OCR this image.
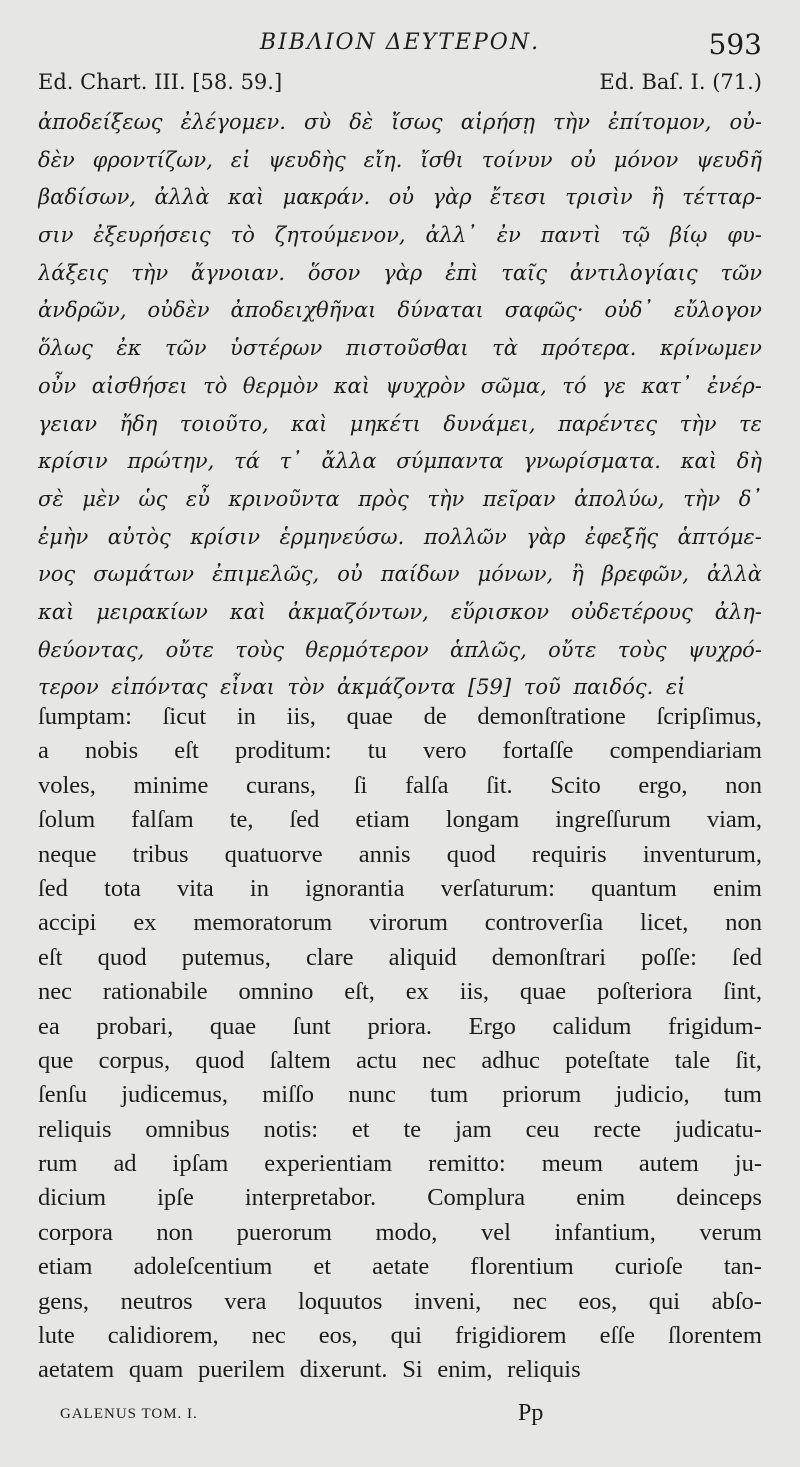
ΒΙΒΛΙΟΝ ΔΕΥΤΕΡΟΝ.	593
Ed. Chart. III. [58. 59.]	Ed. Baſ. I. (71.)
ἀποδείξεως ἐλέγομεν. σὺ δὲ ἴσως αἱρήσῃ τὴν ἐπίτομον, οὐ-
δὲν φροντίζων, εἰ ψευδὴς εἴη. ἴσθι τοίνυν οὐ μόνον ψευδῆ
βαδίσων, ἀλλὰ καὶ μακράν. οὐ γὰρ ἔτεσι τρισὶν ἢ τέτταρ-
σιν ἐξευρήσεις τὸ ζητούμενον, ἀλλ᾽ ἐν παντὶ τῷ βίῳ φυ-
λάξεις τὴν ἄγνοιαν. ὅσον γὰρ ἐπὶ ταῖς ἀντιλογίαις τῶν
ἀνδρῶν, οὐδὲν ἀποδειχθῆναι δύναται σαφῶς· οὐδ᾽ εὔλογον
ὅλως ἐκ τῶν ὑστέρων πιστοῦσθαι τὰ πρότερα. κρίνωμεν
οὖν αἰσθήσει τὸ θερμὸν καὶ ψυχρὸν σῶμα, τό γε κατ᾽ ἐνέρ-
γειαν ἤδη τοιοῦτο, καὶ μηκέτι δυνάμει, παρέντες τὴν τε
κρίσιν πρώτην, τά τ᾽ ἄλλα σύμπαντα γνωρίσματα. καὶ δὴ
σὲ μὲν ὡς εὖ κρινοῦντα πρὸς τὴν πεῖραν ἀπολύω, τὴν δ᾽
ἐμὴν αὐτὸς κρίσιν ἑρμηνεύσω. πολλῶν γὰρ ἐφεξῆς ἁπτόμε-
νος σωμάτων ἐπιμελῶς, οὐ παίδων μόνων, ἢ βρεφῶν, ἀλλὰ
καὶ μειρακίων καὶ ἀκμαζόντων, εὕρισκον οὐδετέρους ἀλη-
θεύοντας, οὔτε τοὺς θερμότερον ἁπλῶς, οὔτε τοὺς ψυχρό-
τερον εἰπόντας εἶναι τὸν ἀκμάζοντα [59] τοῦ παιδός. εἰ
ſumptam: ſicut in iis, quae de demonſtratione ſcripſimus,
a nobis eſt proditum: tu vero fortaſſe compendiariam
voles, minime curans, ſi falſa ſit. Scito ergo, non
ſolum falſam te, ſed etiam longam ingreſſurum viam,
neque tribus quatuorve annis quod requiris inventurum,
ſed tota vita in ignorantia verſaturum: quantum enim
accipi ex memoratorum virorum controverſia licet, non
eſt quod putemus, clare aliquid demonſtrari poſſe: ſed
nec rationabile omnino eſt, ex iis, quae poſteriora ſint,
ea probari, quae ſunt priora. Ergo calidum frigidum-
que corpus, quod ſaltem actu nec adhuc poteſtate tale ſit,
ſenſu judicemus, miſſo nunc tum priorum judicio, tum
reliquis omnibus notis: et te jam ceu recte judicatu-
rum ad ipſam experientiam remitto: meum autem ju-
dicium ipſe interpretabor. Complura enim deinceps
corpora non puerorum modo, vel infantium, verum
etiam adoleſcentium et aetate florentium curioſe tan-
gens, neutros vera loquutos inveni, nec eos, qui abſo-
lute calidiorem, nec eos, qui frigidiorem eſſe ſlorentem
aetatem quam puerilem dixerunt. Si enim, reliquis
GALENUS TOM. I.	Pp
